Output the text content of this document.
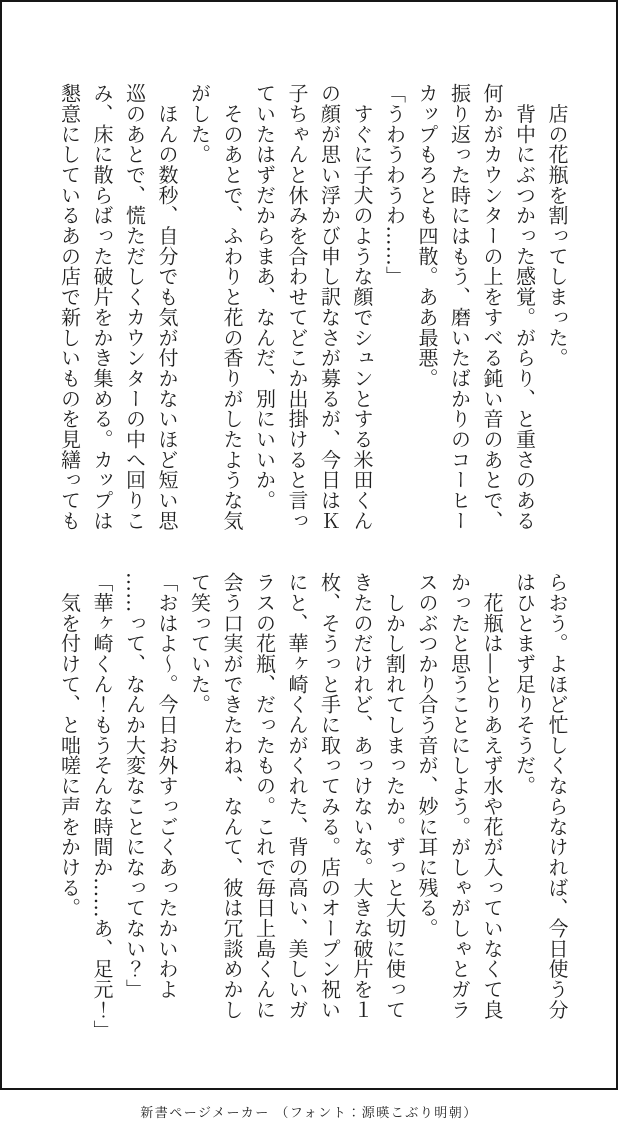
　店の花瓶を割ってしまった。
　背中にぶつかった感覚。がらり、と重さのある
何かがカウンターの上をすべる鈍い音のあとで、
振り返った時にはもう、磨いたばかりのコーヒー
カップもろとも四散。ああ最悪。
「うわうわうわ……」
　すぐに子犬のような顔でシュンとする米田くん
の顔が思い浮かび申し訳なさが募るが、今日はＫ
子ちゃんと休みを合わせてどこか出掛けると言っ
ていたはずだからまあ、なんだ、別にいいか。
　そのあとで、ふわりと花の香りがしたような気
がした。
　ほんの数秒、自分でも気が付かないほど短い思
巡のあとで、慌ただしくカウンターの中へ回りこ
み、床に散らばった破片をかき集める。カップは
懇意にしているあの店で新しいものを見繕っても
らおう。よほど忙しくならなければ、今日使う分
はひとまず足りそうだ。
　花瓶は―とりあえず水や花が入っていなくて良
かったと思うことにしよう。がしゃがしゃとガラ
スのぶつかり合う音が、妙に耳に残る。
　しかし割れてしまったか。ずっと大切に使って
きたのだけれど、あっけないな。大きな破片を１
枚、そうっと手に取ってみる。店のオープン祝い
にと、華ヶ崎くんがくれた、背の高い、美しいガ
ラスの花瓶、だったもの。これで毎日上島くんに
会う口実ができたわね、なんて、彼は冗談めかし
て笑っていた。
「おはよ〜。今日お外すっごくあったかいわよ
……って、なんか大変なことになってない？」
「華ヶ崎くん！もうそんな時間か……あ、足元！」
　気を付けて、と咄嗟に声をかける。
新書ページメーカー （フォント：源暎こぶり明朝）
